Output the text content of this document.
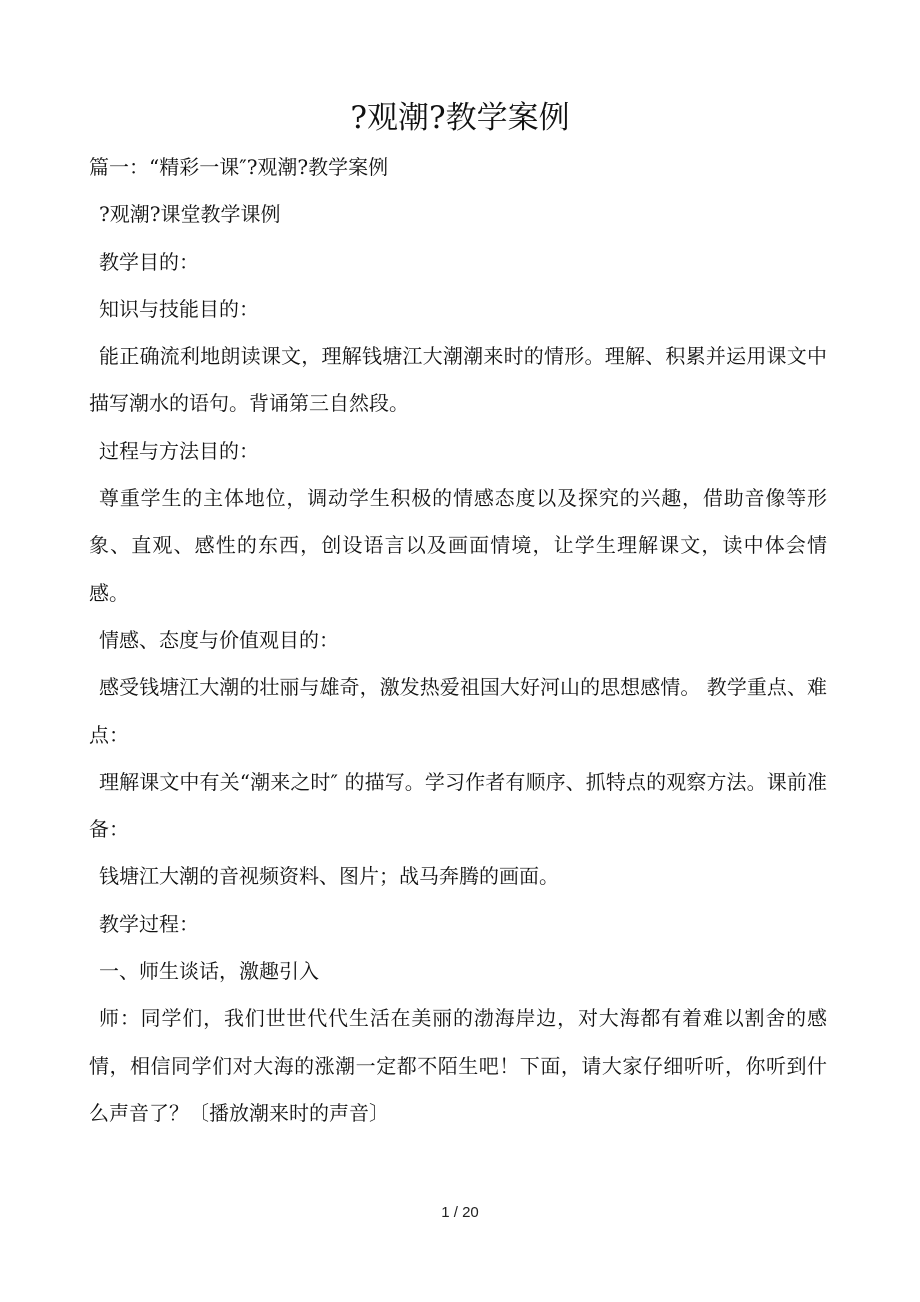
?观潮?教学案例

篇一：“精彩一课″?观潮?教学案例

?观潮?课堂教学课例

教学目的：

知识与技能目的：

能正确流利地朗读课文，理解钱塘江大潮潮来时的情形。理解、积累并运用课文中描写潮水的语句。背诵第三自然段。

过程与方法目的：

尊重学生的主体地位，调动学生积极的情感态度以及探究的兴趣，借助音像等形象、直观、感性的东西，创设语言以及画面情境，让学生理解课文，读中体会情感。

情感、态度与价值观目的：

感受钱塘江大潮的壮丽与雄奇，激发热爱祖国大好河山的思想感情。 教学重点、难点：

理解课文中有关“潮来之时″ 的描写。学习作者有顺序、抓特点的观察方法。课前准备：

钱塘江大潮的音视频资料、图片；战马奔腾的画面。

教学过程：

一、师生谈话，激趣引入

师：同学们，我们世世代代生活在美丽的渤海岸边，对大海都有着难以割舍的感情，相信同学们对大海的涨潮一定都不陌生吧！下面，请大家仔细听听，你听到什么声音了？〔播放潮来时的声音〕

1 / 20
